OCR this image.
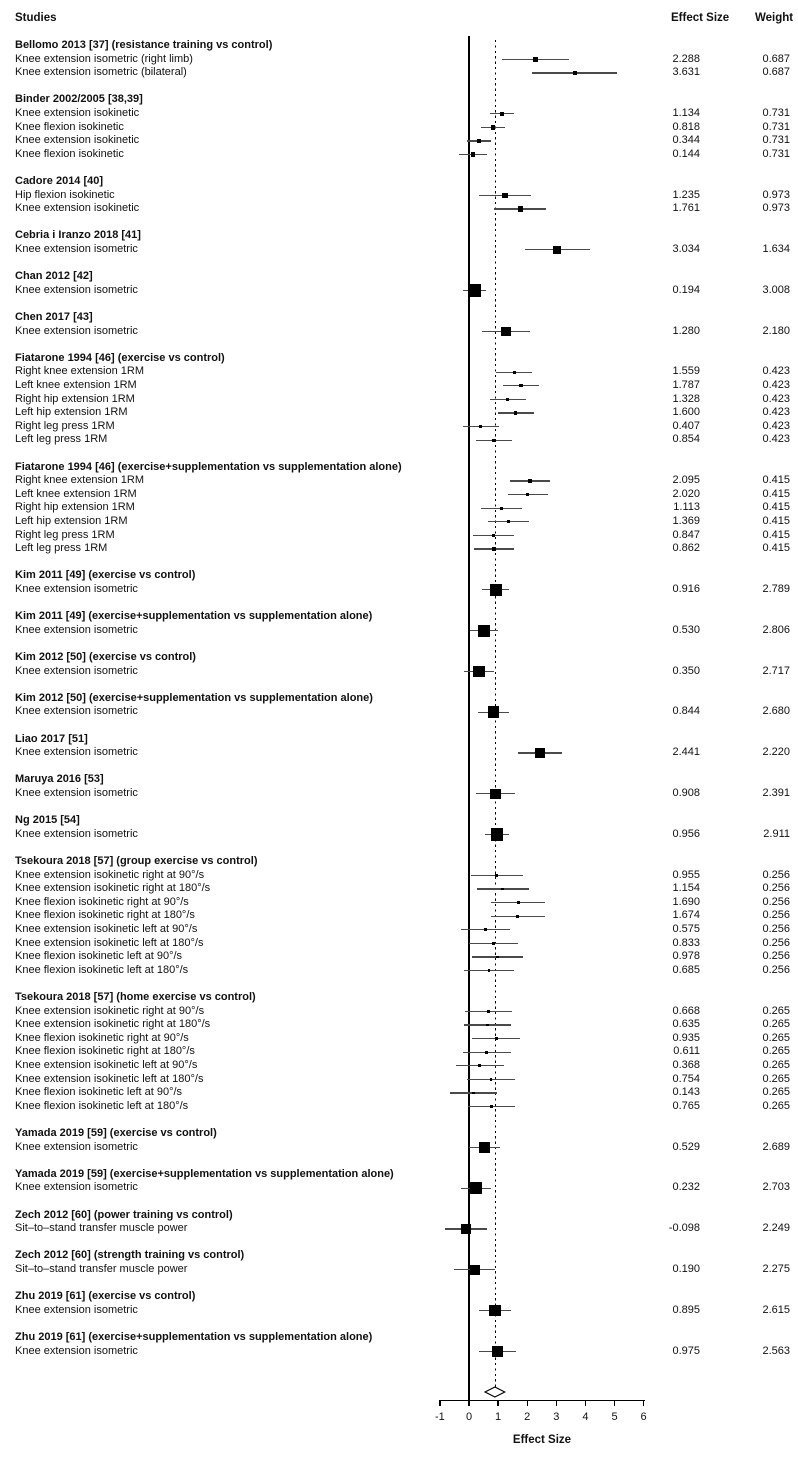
Studies	Effect Size Weight
Bellomo 2013 [37] (resistance training vs control)
Knee extension isometric (right limb)	2.288	0.687
Knee extension isometric (bilateral)	3.631	0.687
Binder 2002/2005 [38,39]
Knee extension isokinetic	1.134	0.731
Knee flexion isokinetic	0.818	0.731
Knee extension isokinetic	0.344	0.731
Knee flexion isokinetic	0.144	0.731
Cadore 2014 [40]
Hip flexion isokinetic	1.235	0.973
Knee extension isokinetic	1.761	0.973
Cebria i Iranzo 2018 [41]
Knee extension isometric	3.034	1.634
Chan 2012 [42]
Knee extension isometric	0.194	3.008
Chen 2017 [43]
Knee extension isometric	1.280	2.180
Fiatarone 1994 [46] (exercise vs control)
Right knee extension 1RM	1.559	0.423
Left knee extension 1RM	1.787	0.423
Right hip extension 1RM	1.328	0.423
Left hip extension 1RM	1.600	0.423
Right leg press 1RM	0.407	0.423
Left leg press 1RM	0.854	0.423
Fiatarone 1994 [46] (exercise+supplementation vs supplementation alone)
Right knee extension 1RM	2.095	0.415
Left knee extension 1RM	2.020	0.415
Right hip extension 1RM	1.113	0.415
Left hip extension 1RM	1.369	0.415
Right leg press 1RM	0.847	0.415
Left leg press 1RM	0.862	0.415
Kim 2011 [49] (exercise vs control)
Knee extension isometric	0.916	2.789
Kim 2011 [49] (exercise+supplementation vs supplementation alone)
Knee extension isometric	0.530	2.806
Kim 2012 [50] (exercise vs control)
Knee extension isometric	0.350	2.717
Kim 2012 [50] (exercise+supplementation vs supplementation alone)
Knee extension isometric	0.844	2.680
Liao 2017 [51]
Knee extension isometric	2.441	2.220
Maruya 2016 [53]
Knee extension isometric	0.908	2.391
Ng 2015 [54]
Knee extension isometric	0.956	2.911
Tsekoura 2018 [57] (group exercise vs control)
Knee extension isokinetic right at 90°/s	0.955	0.256
Knee extension isokinetic right at 180°/s	1.154	0.256
Knee flexion isokinetic right at 90°/s	1.690	0.256
Knee flexion isokinetic right at 180°/s	1.674	0.256
Knee extension isokinetic left at 90°/s	0.575	0.256
Knee extension isokinetic left at 180°/s	0.833	0.256
Knee flexion isokinetic left at 90°/s	0.978	0.256
Knee flexion isokinetic left at 180°/s	0.685	0.256
Tsekoura 2018 [57] (home exercise vs control)
Knee extension isokinetic right at 90°/s	0.668	0.265
Knee extension isokinetic right at 180°/s	0.635	0.265
Knee flexion isokinetic right at 90°/s	0.935	0.265
Knee flexion isokinetic right at 180°/s	0.611	0.265
Knee extension isokinetic left at 90°/s	0.368	0.265
Knee extension isokinetic left at 180°/s	0.754	0.265
Knee flexion isokinetic left at 90°/s	0.143	0.265
Knee flexion isokinetic left at 180°/s	0.765	0.265
Yamada 2019 [59] (exercise vs control)
Knee extension isometric	0.529	2.689
Yamada 2019 [59] (exercise+supplementation vs supplementation alone)
Knee extension isometric	0.232	2.703
Zech 2012 [60] (power training vs control)
Sit–to–stand transfer muscle power	-0.098	2.249
Zech 2012 [60] (strength training vs control)
Sit–to–stand transfer muscle power	0.190	2.275
Zhu 2019 [61] (exercise vs control)
Knee extension isometric	0.895	2.615
Zhu 2019 [61] (exercise+supplementation vs supplementation alone)
Knee extension isometric	0.975	2.563
-1	0	1	2	3	4	5	6
Effect Size
